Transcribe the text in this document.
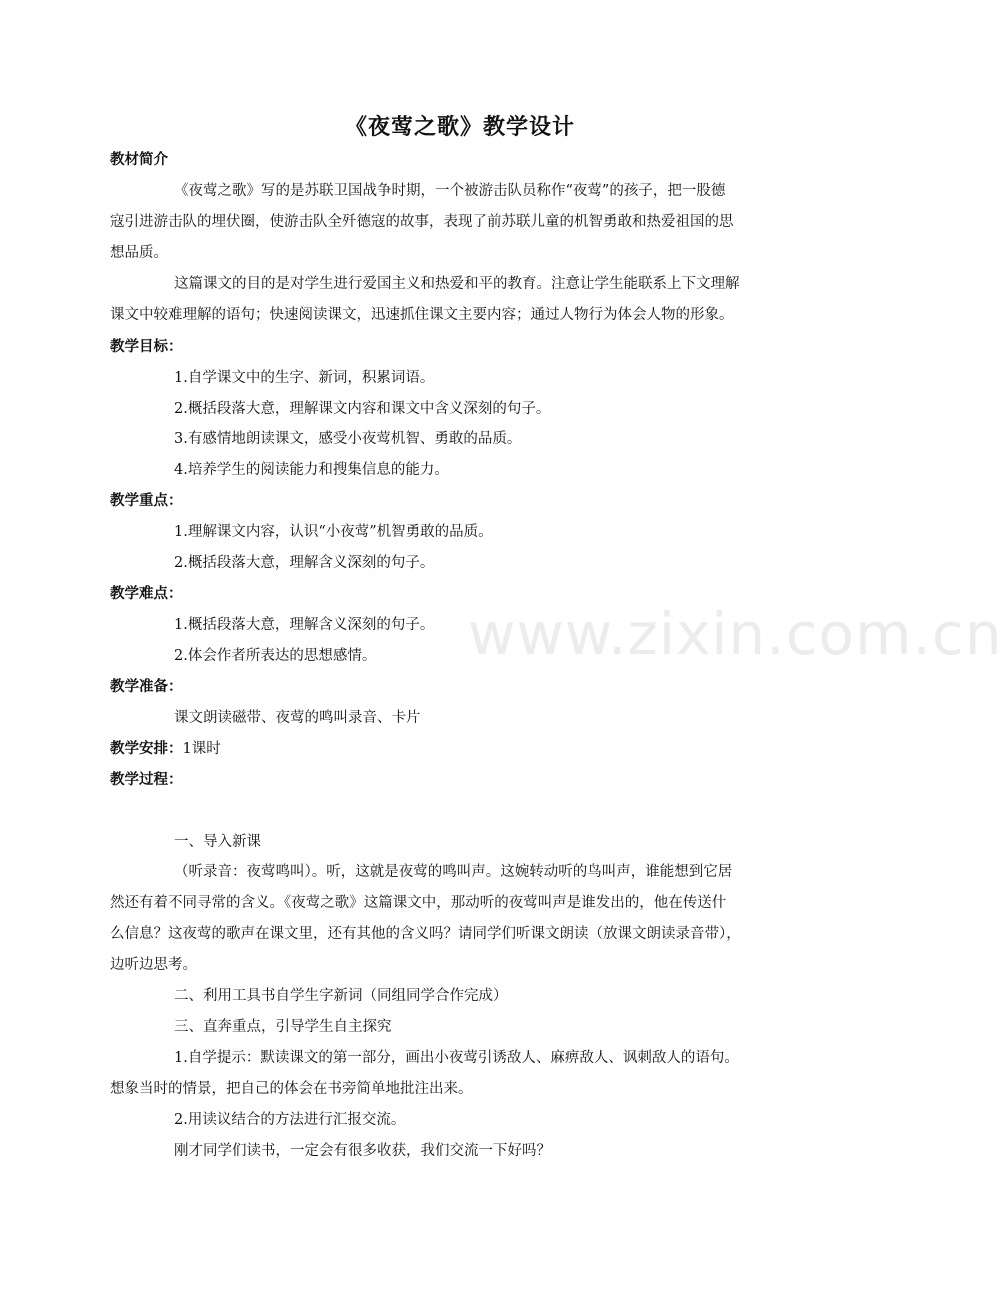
《夜莺之歌》教学设计
教材简介
《夜莺之歌》写的是苏联卫国战争时期，一个被游击队员称作“夜莺”的孩子，把一股德
寇引进游击队的埋伏圈，使游击队全歼德寇的故事，表现了前苏联儿童的机智勇敢和热爱祖国的思
想品质。
这篇课文的目的是对学生进行爱国主义和热爱和平的教育。注意让学生能联系上下文理解
课文中较难理解的语句；快速阅读课文，迅速抓住课文主要内容；通过人物行为体会人物的形象。
教学目标：
1.自学课文中的生字、新词，积累词语。
2.概括段落大意，理解课文内容和课文中含义深刻的句子。
3.有感情地朗读课文，感受小夜莺机智、勇敢的品质。
4.培养学生的阅读能力和搜集信息的能力。
教学重点：
1.理解课文内容，认识“小夜莺”机智勇敢的品质。
2.概括段落大意，理解含义深刻的句子。
教学难点：
1.概括段落大意，理解含义深刻的句子。
2.体会作者所表达的思想感情。
教学准备：
课文朗读磁带、夜莺的鸣叫录音、卡片
教学安排：1课时
教学过程：
一、导入新课
（听录音：夜莺鸣叫）。听，这就是夜莺的鸣叫声。这婉转动听的鸟叫声，谁能想到它居
然还有着不同寻常的含义。《夜莺之歌》这篇课文中，那动听的夜莺叫声是谁发出的，他在传送什
么信息？这夜莺的歌声在课文里，还有其他的含义吗？请同学们听课文朗读（放课文朗读录音带），
边听边思考。
二、利用工具书自学生字新词（同组同学合作完成）
三、直奔重点，引导学生自主探究
1.自学提示：默读课文的第一部分，画出小夜莺引诱敌人、麻痹敌人、讽刺敌人的语句。
想象当时的情景，把自己的体会在书旁简单地批注出来。
2.用读议结合的方法进行汇报交流。
刚才同学们读书，一定会有很多收获，我们交流一下好吗？
www.zixin.com.cn
